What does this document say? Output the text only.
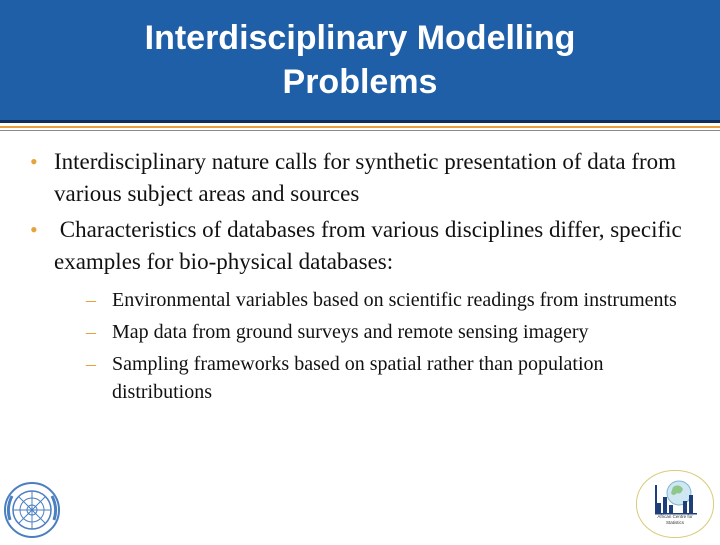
Interdisciplinary Modelling
Problems
• Interdisciplinary nature calls for synthetic presentation of data from various subject areas and sources
• Characteristics of databases from various disciplines differ, specific examples for bio-physical databases:
– Environmental variables based on scientific readings from instruments
– Map data from ground surveys and remote sensing imagery
– Sampling frameworks based on spatial rather than population distributions
African Centre for
Statistics
